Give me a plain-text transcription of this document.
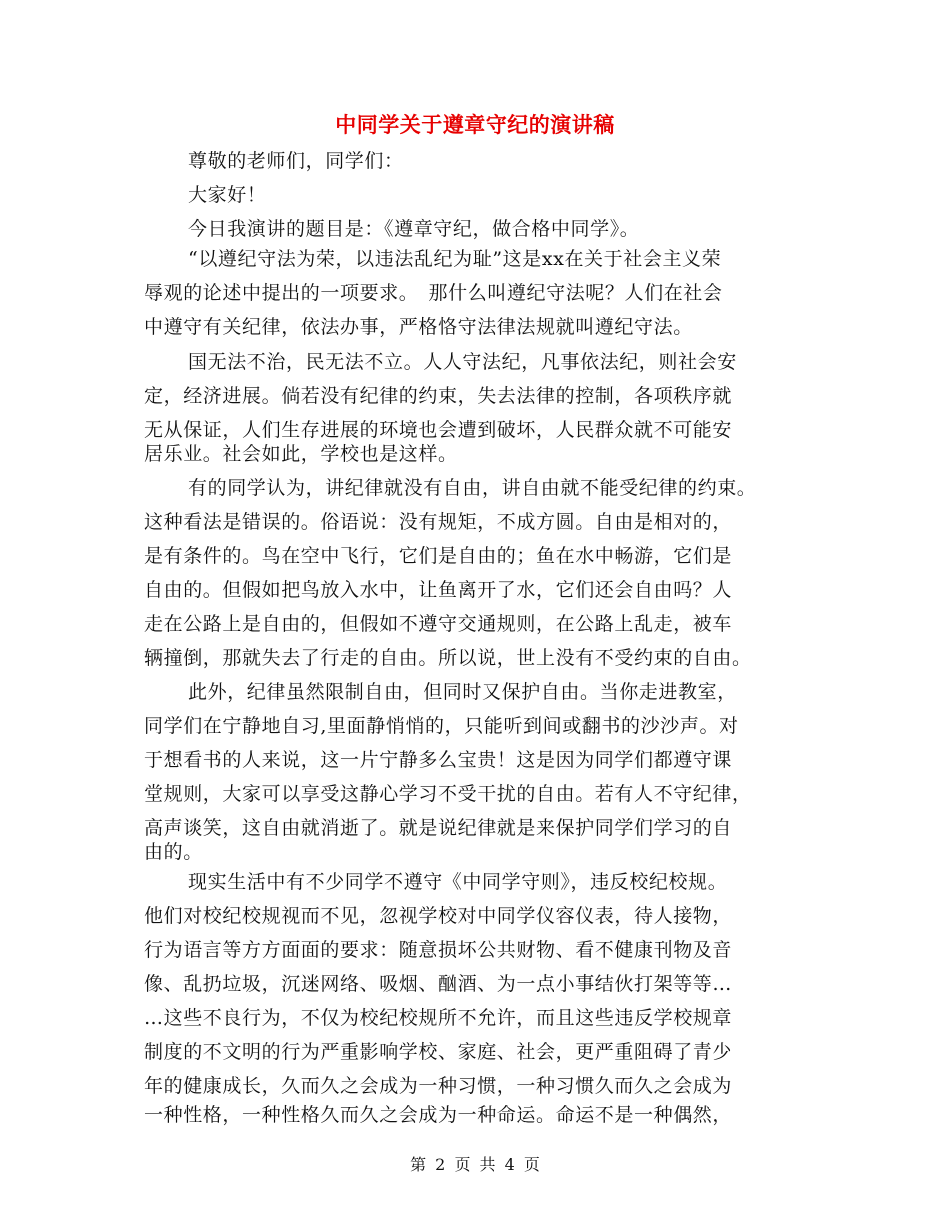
中同学关于遵章守纪的演讲稿
尊敬的老师们，同学们：
大家好！
今日我演讲的题目是：《遵章守纪，做合格中同学》。
“以遵纪守法为荣，以违法乱纪为耻”这是xx在关于社会主义荣
辱观的论述中提出的一项要求。　那什么叫遵纪守法呢？人们在社会
中遵守有关纪律，依法办事，严格恪守法律法规就叫遵纪守法。
国无法不治，民无法不立。人人守法纪，凡事依法纪，则社会安
定，经济进展。倘若没有纪律的约束，失去法律的控制，各项秩序就
无从保证，人们生存进展的环境也会遭到破坏，人民群众就不可能安
居乐业。社会如此，学校也是这样。
有的同学认为，讲纪律就没有自由，讲自由就不能受纪律的约束。
这种看法是错误的。俗语说：没有规矩，不成方圆。自由是相对的，
是有条件的。鸟在空中飞行，它们是自由的；鱼在水中畅游，它们是
自由的。但假如把鸟放入水中，让鱼离开了水，它们还会自由吗？人
走在公路上是自由的，但假如不遵守交通规则，在公路上乱走，被车
辆撞倒，那就失去了行走的自由。所以说，世上没有不受约束的自由。
此外，纪律虽然限制自由，但同时又保护自由。当你走进教室，
同学们在宁静地自习,里面静悄悄的，只能听到间或翻书的沙沙声。对
于想看书的人来说，这一片宁静多么宝贵！这是因为同学们都遵守课
堂规则，大家可以享受这静心学习不受干扰的自由。若有人不守纪律，
高声谈笑，这自由就消逝了。就是说纪律就是来保护同学们学习的自
由的。
现实生活中有不少同学不遵守《中同学守则》，违反校纪校规。
他们对校纪校规视而不见，忽视学校对中同学仪容仪表，待人接物，
行为语言等方方面面的要求：随意损坏公共财物、看不健康刊物及音
像、乱扔垃圾，沉迷网络、吸烟、酗酒、为一点小事结伙打架等等…
…这些不良行为，不仅为校纪校规所不允许，而且这些违反学校规章
制度的不文明的行为严重影响学校、家庭、社会，更严重阻碍了青少
年的健康成长，久而久之会成为一种习惯，一种习惯久而久之会成为
一种性格，一种性格久而久之会成为一种命运。命运不是一种偶然，
第 2 页 共 4 页
